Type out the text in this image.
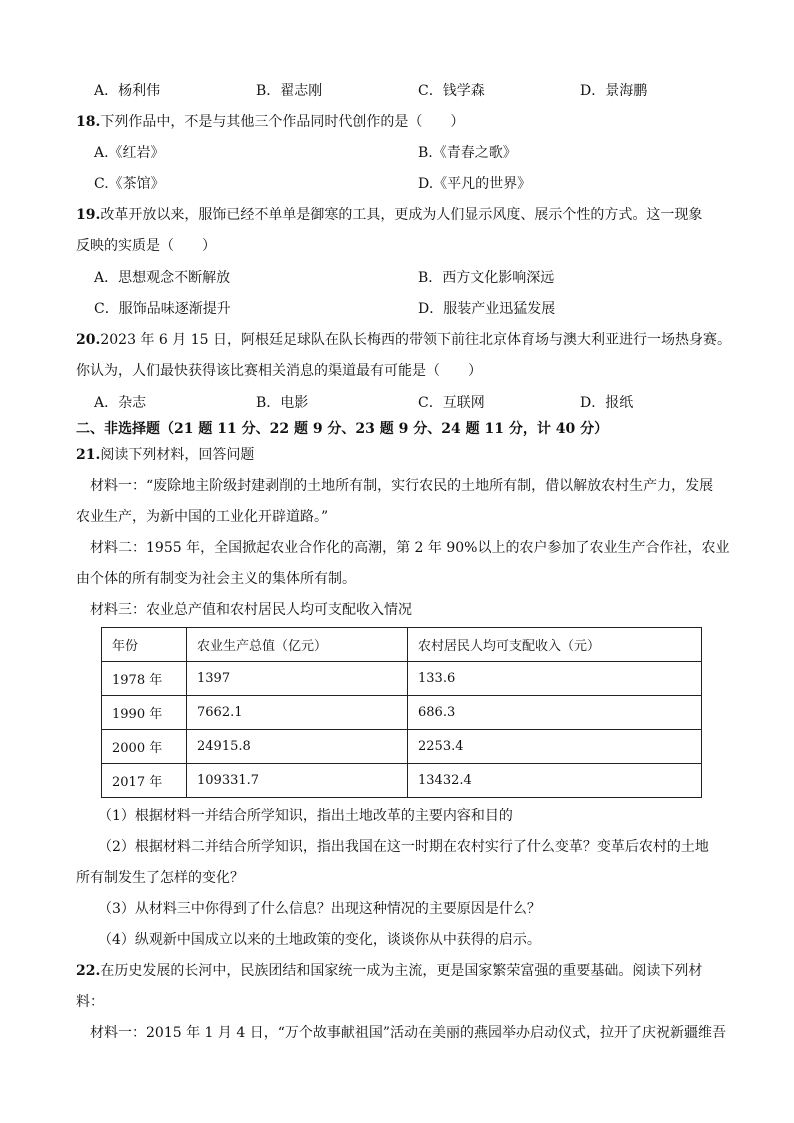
A．杨利伟	B．翟志刚	C．钱学森	D．景海鹏
18.下列作品中，不是与其他三个作品同时代创作的是（　　）
A.《红岩》	B.《青春之歌》
C.《茶馆》	D.《平凡的世界》
19.改革开放以来，服饰已经不单单是御寒的工具，更成为人们显示风度、展示个性的方式。这一现象
反映的实质是（　　）
A．思想观念不断解放	B．西方文化影响深远
C．服饰品味逐渐提升	D．服装产业迅猛发展
20.2023 年 6 月 15 日，阿根廷足球队在队长梅西的带领下前往北京体育场与澳大利亚进行一场热身赛。
你认为，人们最快获得该比赛相关消息的渠道最有可能是（　　）
A．杂志	B．电影	C．互联网	D．报纸
二、非选择题（21 题 11 分、22 题 9 分、23 题 9 分、24 题 11 分，计 40 分）
21.阅读下列材料，回答问题
材料一：“废除地主阶级封建剥削的土地所有制，实行农民的土地所有制，借以解放农村生产力，发展
农业生产，为新中国的工业化开辟道路。”
材料二：1955 年，全国掀起农业合作化的高潮，第 2 年 90%以上的农户参加了农业生产合作社，农业
由个体的所有制变为社会主义的集体所有制。
材料三：农业总产值和农村居民人均可支配收入情况
年份	农业生产总值（亿元）	农村居民人均可支配收入（元）
1978 年	1397	133.6
1990 年	7662.1	686.3
2000 年	24915.8	2253.4
2017 年	109331.7	13432.4
（1）根据材料一并结合所学知识，指出土地改革的主要内容和目的
（2）根据材料二并结合所学知识，指出我国在这一时期在农村实行了什么变革？变革后农村的土地
所有制发生了怎样的变化？
（3）从材料三中你得到了什么信息？出现这种情况的主要原因是什么？
（4）纵观新中国成立以来的土地政策的变化，谈谈你从中获得的启示。
22.在历史发展的长河中，民族团结和国家统一成为主流，更是国家繁荣富强的重要基础。阅读下列材
料：
材料一：2015 年 1 月 4 日，“万个故事献祖国”活动在美丽的燕园举办启动仪式，拉开了庆祝新疆维吾
